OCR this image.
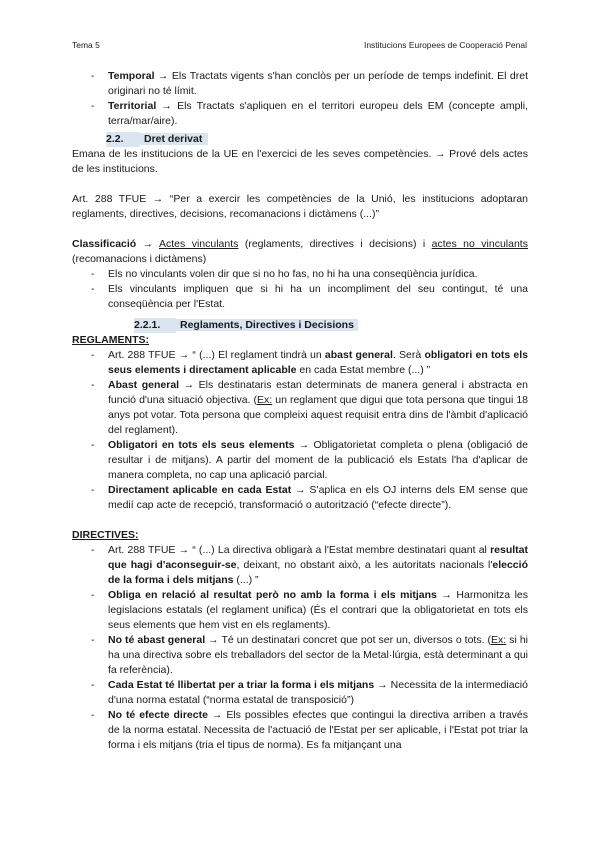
Tema 5	Institucions Europees de Cooperació Penal
- Temporal → Els Tractats vigents s'han conclòs per un període de temps indefinit. El dret originari no té límit.
- Territorial → Els Tractats s'apliquen en el territori europeu dels EM (concepte ampli, terra/mar/aire).
2.2. Dret derivat

Emana de les institucions de la UE en l'exercici de les seves competències. → Prové dels actes de les institucions.

Art. 288 TFUE → “Per a exercir les competències de la Unió, les institucions adoptaran reglaments, directives, decisions, recomanacions i dictàmens (...)”

Classificació → Actes vinculants (reglaments, directives i decisions) i actes no vinculants (recomanacions i dictàmens)

- Els no vinculants volen dir que si no ho fas, no hi ha una conseqüència jurídica.
- Els vinculants impliquen que si hi ha un incompliment del seu contingut, té una conseqüència per l'Estat.
2.2.1. Reglaments, Directives i Decisions
REGLAMENTS:
- Art. 288 TFUE → “ (...) El reglament tindrà un abast general. Serà obligatori en tots els seus elements i directament aplicable en cada Estat membre (...) ”
- Abast general → Els destinataris estan determinats de manera general i abstracta en funció d'una situació objectiva. (Ex: un reglament que digui que tota persona que tingui 18 anys pot votar. Tota persona que compleixi aquest requisit entra dins de l'àmbit d'aplicació del reglament).
- Obligatori en tots els seus elements → Obligatorietat completa o plena (obligació de resultar i de mitjans). A partir del moment de la publicació els Estats l'ha d'aplicar de manera completa, no cap una aplicació parcial.
- Directament aplicable en cada Estat → S'aplica en els OJ interns dels EM sense que medií cap acte de recepció, transformació o autorització (“efecte directe”).
DIRECTIVES:
- Art. 288 TFUE → “ (...) La directiva obligarà a l'Estat membre destinatari quant al resultat que hagi d'aconseguir-se, deixant, no obstant això, a les autoritats nacionals l'elecció de la forma i dels mitjans (...) ”
- Obliga en relació al resultat però no amb la forma i els mitjans → Harmonitza les legislacions estatals (el reglament unifica) (És el contrari que la obligatorietat en tots els seus elements que hem vist en els reglaments).
- No té abast general → Té un destinatari concret que pot ser un, diversos o tots. (Ex: si hi ha una directiva sobre els treballadors del sector de la Metal·lúrgia, està determinant a qui fa referència).
- Cada Estat té llibertat per a triar la forma i els mitjans → Necessita de la intermediació d'una norma estatal (“norma estatal de transposició”)
- No té efecte directe → Els possibles efectes que contingui la directiva arriben a través de la norma estatal. Necessita de l'actuació de l'Estat per ser aplicable, i l'Estat pot triar la forma i els mitjans (tria el tipus de norma). Es fa mitjançant una
